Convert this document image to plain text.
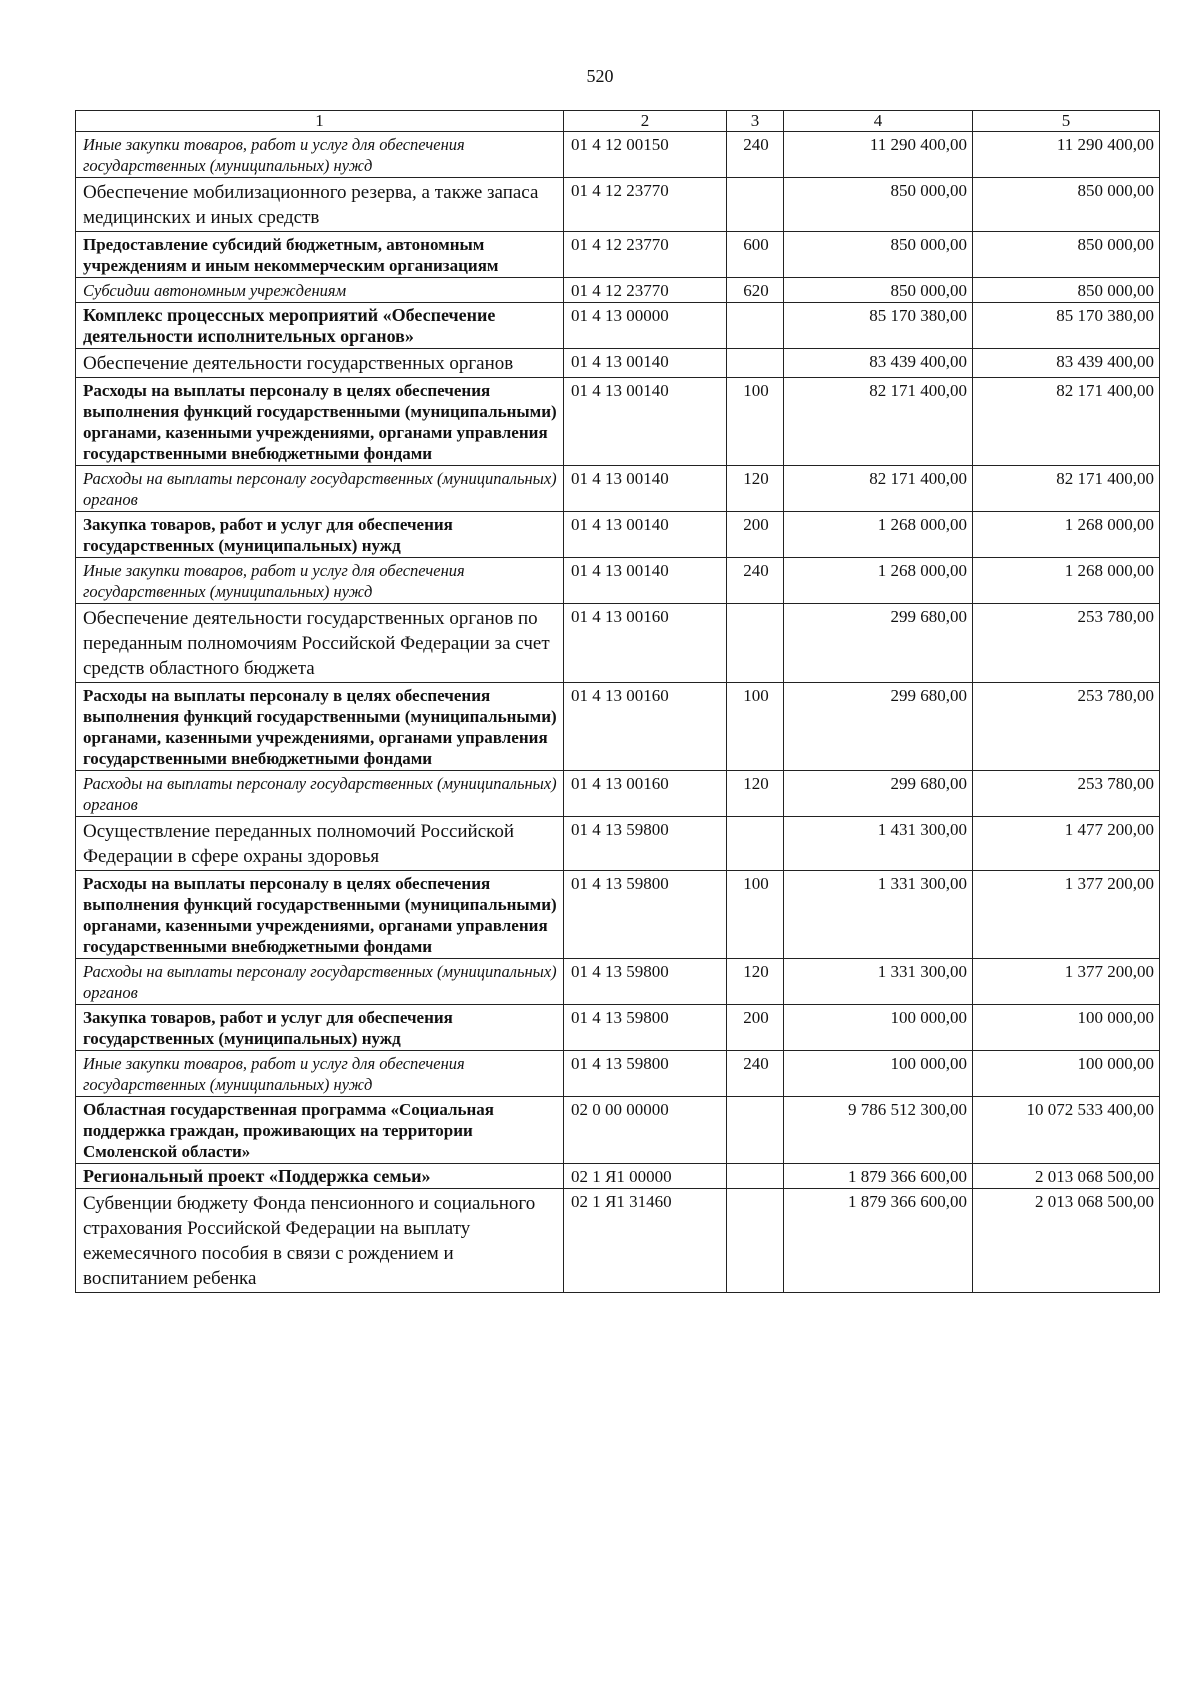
520
1	2	3	4	5
Иные закупки товаров, работ и услуг для обеспечения государственных (муниципальных) нужд	01 4 12 00150	240	11 290 400,00	11 290 400,00
Обеспечение мобилизационного резерва, а также запаса медицинских и иных средств	01 4 12 23770		850 000,00	850 000,00
Предоставление субсидий бюджетным, автономным учреждениям и иным некоммерческим организациям	01 4 12 23770	600	850 000,00	850 000,00
Субсидии автономным учреждениям	01 4 12 23770	620	850 000,00	850 000,00
Комплекс процессных мероприятий «Обеспечение деятельности исполнительных органов»	01 4 13 00000		85 170 380,00	85 170 380,00
Обеспечение деятельности государственных органов	01 4 13 00140		83 439 400,00	83 439 400,00
Расходы на выплаты персоналу в целях обеспечения выполнения функций государственными (муниципальными) органами, казенными учреждениями, органами управления государственными внебюджетными фондами	01 4 13 00140	100	82 171 400,00	82 171 400,00
Расходы на выплаты персоналу государственных (муниципальных) органов	01 4 13 00140	120	82 171 400,00	82 171 400,00
Закупка товаров, работ и услуг для обеспечения государственных (муниципальных) нужд	01 4 13 00140	200	1 268 000,00	1 268 000,00
Иные закупки товаров, работ и услуг для обеспечения государственных (муниципальных) нужд	01 4 13 00140	240	1 268 000,00	1 268 000,00
Обеспечение деятельности государственных органов по переданным полномочиям Российской Федерации за счет средств областного бюджета	01 4 13 00160		299 680,00	253 780,00
Расходы на выплаты персоналу в целях обеспечения выполнения функций государственными (муниципальными) органами, казенными учреждениями, органами управления государственными внебюджетными фондами	01 4 13 00160	100	299 680,00	253 780,00
Расходы на выплаты персоналу государственных (муниципальных) органов	01 4 13 00160	120	299 680,00	253 780,00
Осуществление переданных полномочий Российской Федерации в сфере охраны здоровья	01 4 13 59800		1 431 300,00	1 477 200,00
Расходы на выплаты персоналу в целях обеспечения выполнения функций государственными (муниципальными) органами, казенными учреждениями, органами управления государственными внебюджетными фондами	01 4 13 59800	100	1 331 300,00	1 377 200,00
Расходы на выплаты персоналу государственных (муниципальных) органов	01 4 13 59800	120	1 331 300,00	1 377 200,00
Закупка товаров, работ и услуг для обеспечения государственных (муниципальных) нужд	01 4 13 59800	200	100 000,00	100 000,00
Иные закупки товаров, работ и услуг для обеспечения государственных (муниципальных) нужд	01 4 13 59800	240	100 000,00	100 000,00
Областная государственная программа «Социальная поддержка граждан, проживающих на территории Смоленской области»	02 0 00 00000		9 786 512 300,00	10 072 533 400,00
Региональный проект «Поддержка семьи»	02 1 Я1 00000		1 879 366 600,00	2 013 068 500,00
Субвенции бюджету Фонда пенсионного и социального страхования Российской Федерации на выплату ежемесячного пособия в связи с рождением и воспитанием ребенка	02 1 Я1 31460		1 879 366 600,00	2 013 068 500,00
